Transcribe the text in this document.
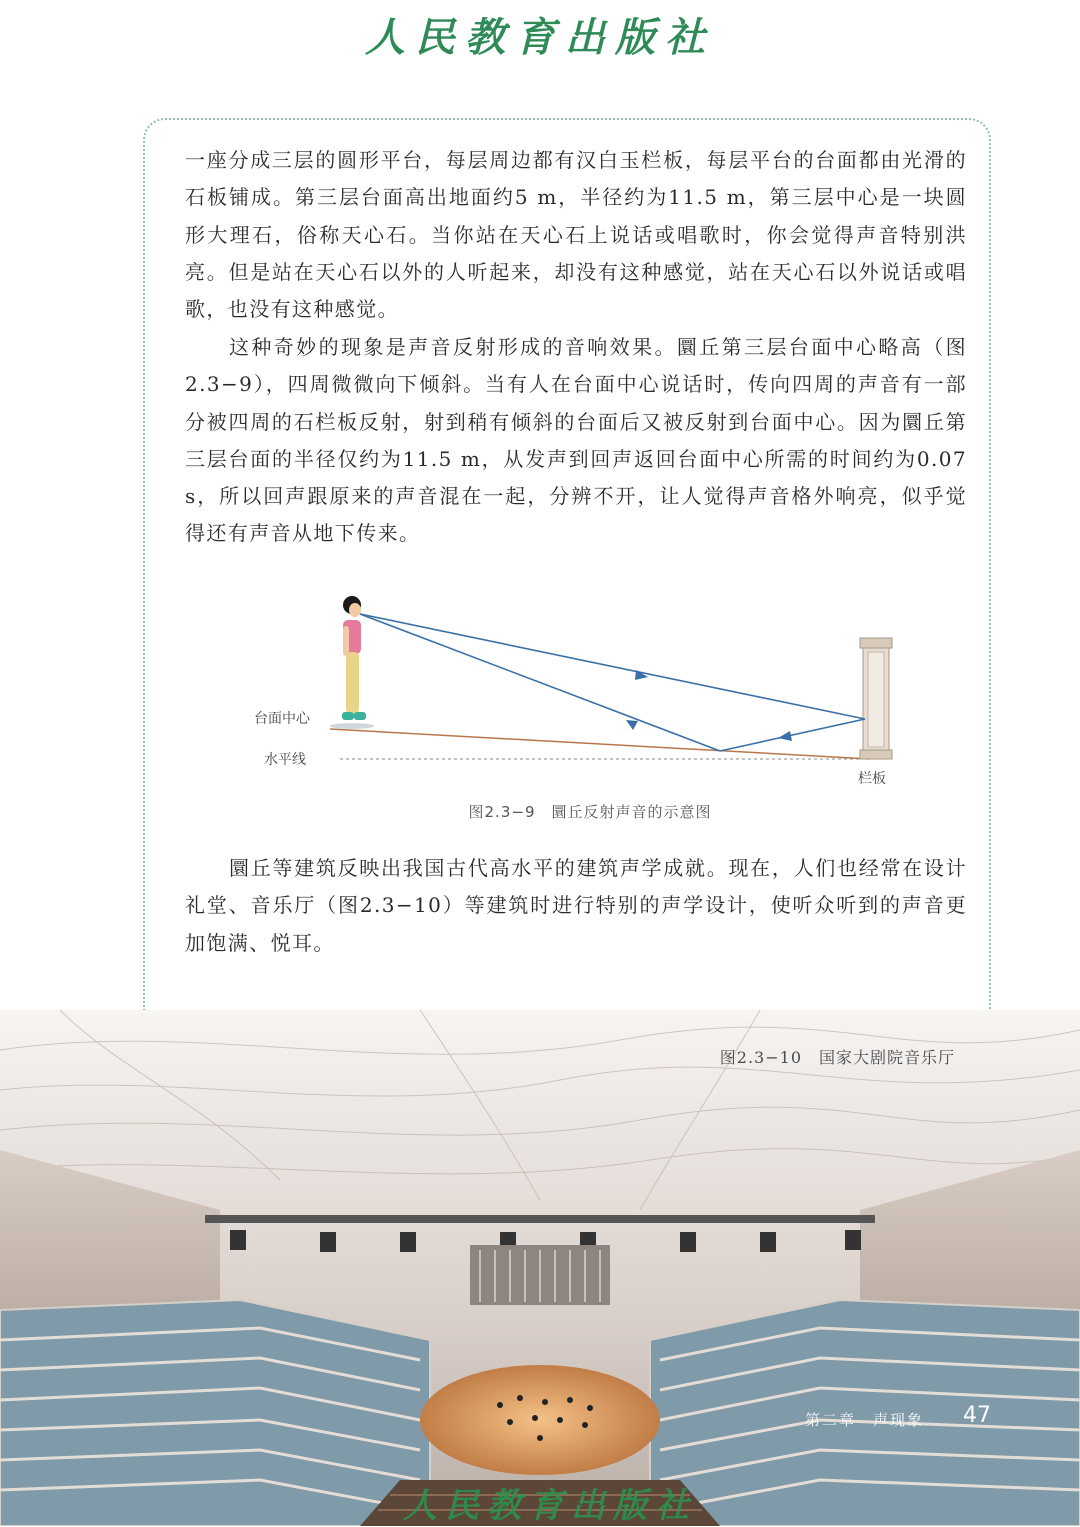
人民教育出版社

一座分成三层的圆形平台，每层周边都有汉白玉栏板，每层平台的台面都由光滑的石板铺成。第三层台面高出地面约5 m，半径约为11.5 m，第三层中心是一块圆形大理石，俗称天心石。当你站在天心石上说话或唱歌时，你会觉得声音特别洪亮。但是站在天心石以外的人听起来，却没有这种感觉，站在天心石以外说话或唱歌，也没有这种感觉。

这种奇妙的现象是声音反射形成的音响效果。圜丘第三层台面中心略高（图2.3−9），四周微微向下倾斜。当有人在台面中心说话时，传向四周的声音有一部分被四周的石栏板反射，射到稍有倾斜的台面后又被反射到台面中心。因为圜丘第三层台面的半径仅约为11.5 m，从发声到回声返回台面中心所需的时间约为0.07 s，所以回声跟原来的声音混在一起，分辨不开，让人觉得声音格外响亮，似乎觉得还有声音从地下传来。

台面中心
水平线
栏板
图2.3−9　圜丘反射声音的示意图

圜丘等建筑反映出我国古代高水平的建筑声学成就。现在，人们也经常在设计礼堂、音乐厅（图2.3−10）等建筑时进行特别的声学设计，使听众听到的声音更加饱满、悦耳。

图2.3−10　国家大剧院音乐厅
第二章　声现象 47
人民教育出版社
